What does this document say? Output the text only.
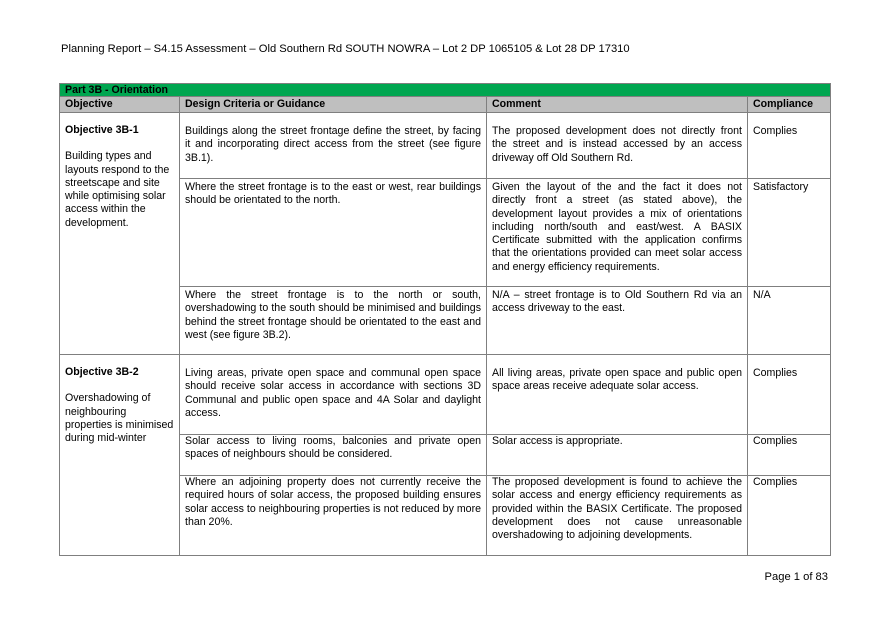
Planning Report – S4.15 Assessment – Old Southern Rd SOUTH NOWRA – Lot 2 DP 1065105 & Lot 28 DP 17310
Part 3B - Orientation			
Objective	Design Criteria or Guidance	Comment	Compliance

Objective 3B-1
Building types and layouts respond to the streetscape and site while optimising solar access within the development.	Buildings along the street frontage define the street, by facing it and incorporating direct access from the street (see figure 3B.1).	The proposed development does not directly front the street and is instead accessed by an access driveway off Old Southern Rd.	Complies
	Where the street frontage is to the east or west, rear buildings should be orientated to the north.	Given the layout of the and the fact it does not directly front a street (as stated above), the development layout provides a mix of orientations including north/south and east/west. A BASIX Certificate submitted with the application confirms that the orientations provided can meet solar access and energy efficiency requirements.	Satisfactory
	Where the street frontage is to the north or south, overshadowing to the south should be minimised and buildings behind the street frontage should be orientated to the east and west (see figure 3B.2).	N/A – street frontage is to Old Southern Rd via an access driveway to the east.	N/A

Objective 3B-2
Overshadowing of neighbouring properties is minimised during mid-winter	Living areas, private open space and communal open space should receive solar access in accordance with sections 3D Communal and public open space and 4A Solar and daylight access.	All living areas, private open space and public open space areas receive adequate solar access.	Complies
	Solar access to living rooms, balconies and private open spaces of neighbours should be considered.	Solar access is appropriate.	Complies
	Where an adjoining property does not currently receive the required hours of solar access, the proposed building ensures solar access to neighbouring properties is not reduced by more than 20%.	The proposed development is found to achieve the solar access and energy efficiency requirements as provided within the BASIX Certificate. The proposed development does not cause unreasonable overshadowing to adjoining developments.	Complies
Page 1 of 83
